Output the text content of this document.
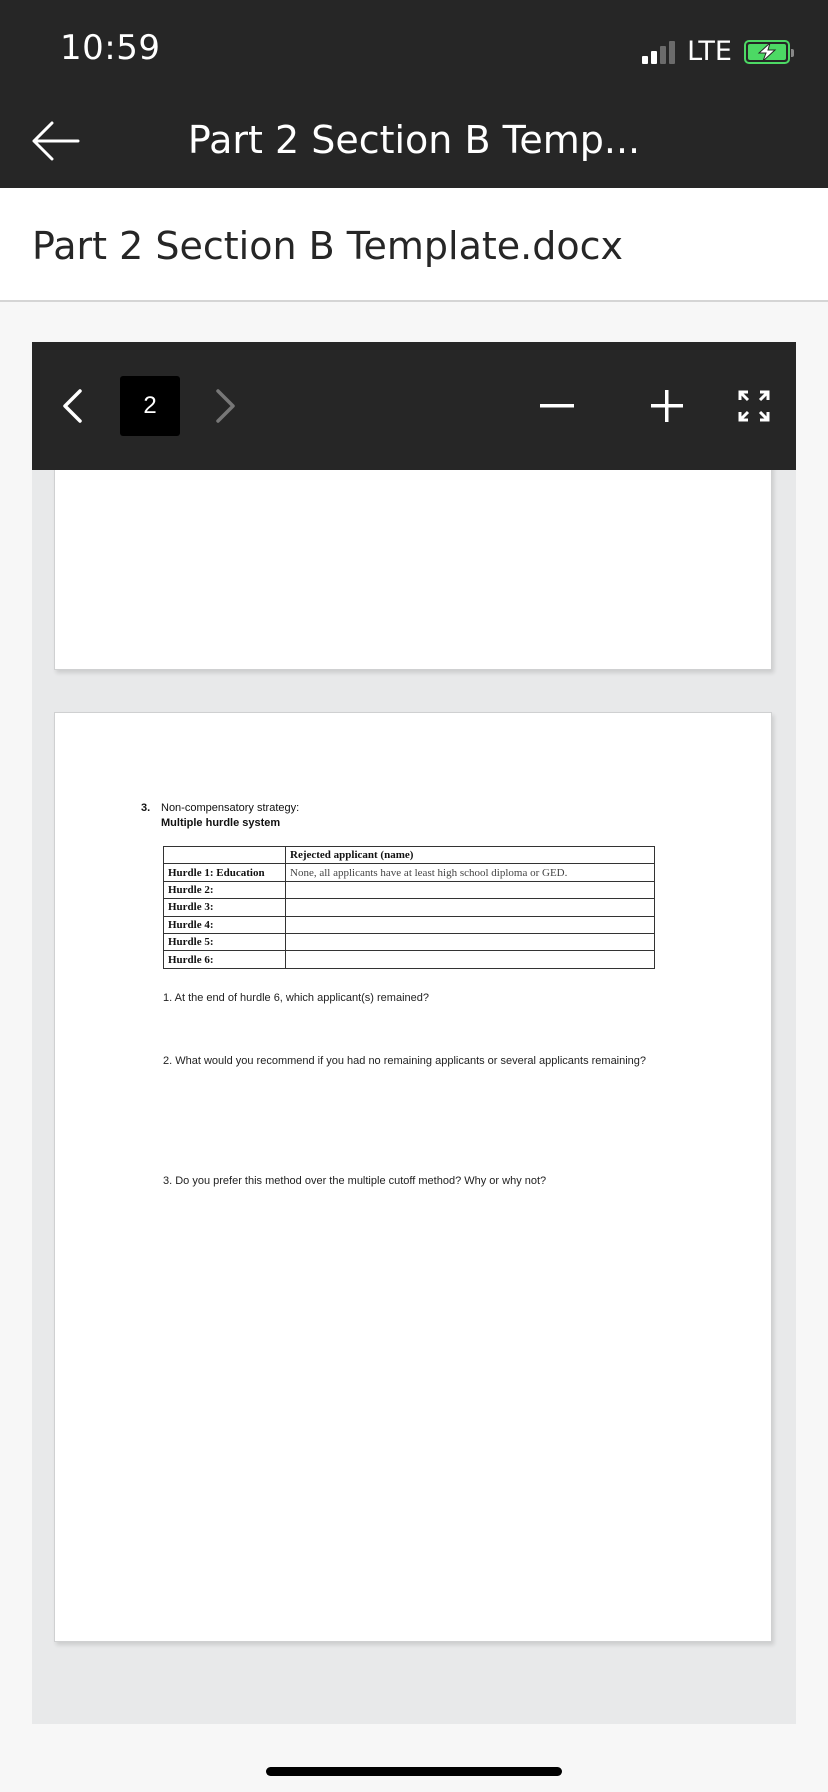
10:59	LTE
Part 2 Section B Temp...
Part 2 Section B Template.docx
2
3. Non-compensatory strategy:
Multiple hurdle system
	Rejected applicant (name)
Hurdle 1: Education	None, all applicants have at least high school diploma or GED.
Hurdle 2:	
Hurdle 3:	
Hurdle 4:	
Hurdle 5:	
Hurdle 6:	
1. At the end of hurdle 6, which applicant(s) remained?
2. What would you recommend if you had no remaining applicants or several applicants remaining?
3. Do you prefer this method over the multiple cutoff method? Why or why not?
